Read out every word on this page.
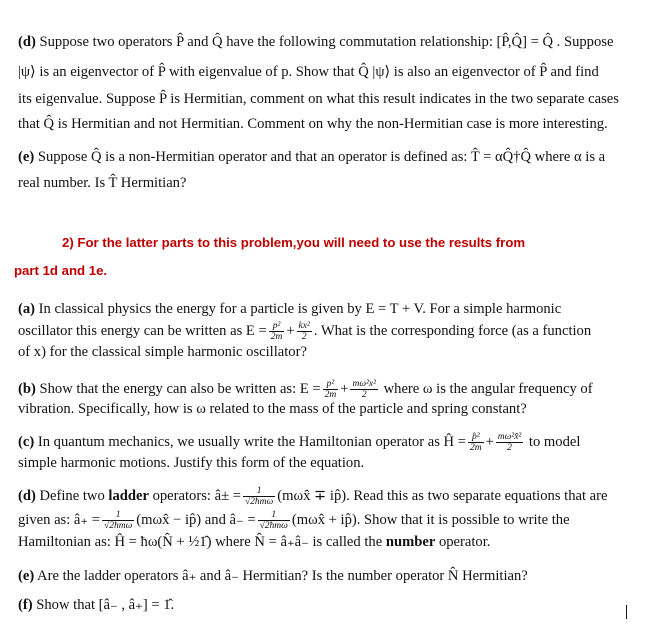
(d) Suppose two operators P̂ and Q̂ have the following commutation relationship: [P̂,Q̂] = Q̂ . Suppose
|ψ⟩ is an eigenvector of P̂ with eigenvalue of p. Show that Q̂ |ψ⟩ is also an eigenvector of P̂ and find
its eigenvalue. Suppose P̂ is Hermitian, comment on what this result indicates in the two separate cases
that Q̂ is Hermitian and not Hermitian. Comment on why the non-Hermitian case is more interesting.
(e) Suppose Q̂ is a non-Hermitian operator and that an operator is defined as: T̂ = αQ̂†Q̂ where α is a
real number. Is T̂ Hermitian?
2) For the latter parts to this problem,you will need to use the results from
part 1d and 1e.
(a) In classical physics the energy for a particle is given by E = T + V. For a simple harmonic
oscillator this energy can be written as $E = \frac{\text{p²}}{2m} + \frac{\text{kx²}}{2}$ . What is the corresponding force (as a function
of x) for the classical simple harmonic oscillator?
(b) Show that the energy can also be written as: $E = \frac{\text{p²}}{2m} + \frac{\text{mω²x²}}{2}$ where ω is the angular frequency of
vibration. Specifically, how is ω related to the mass of the particle and spring constant?
(c) In quantum mechanics, we usually write the Hamiltonian operator as Ĥ = $\frac{\text{p̂²}}{2m} + \frac{\text{mω²x̂²}}{2}$ to model
simple harmonic motions. Justify this form of the equation.
(d) Define two ladder operators: â± = $\frac{1}{\text{√2ħmω}}$ (mωx̂ ∓ ip̂). Read this as two separate equations that are
given as: â₊ = $\frac{1}{\text{√2ħmω}}$ (mωx̂ − ip̂) and â₋ = $\frac{1}{\text{√2ħmω}}$ (mωx̂ + ip̂). Show that it is possible to write the
Hamiltonian as: Ĥ = ħω(N̂ + ½1̂) where N̂ = â₊â₋ is called the number operator.
(e) Are the ladder operators â₊ and â₋ Hermitian? Is the number operator N̂ Hermitian?
(f) Show that [â₋ , â₊] = 1̂.
